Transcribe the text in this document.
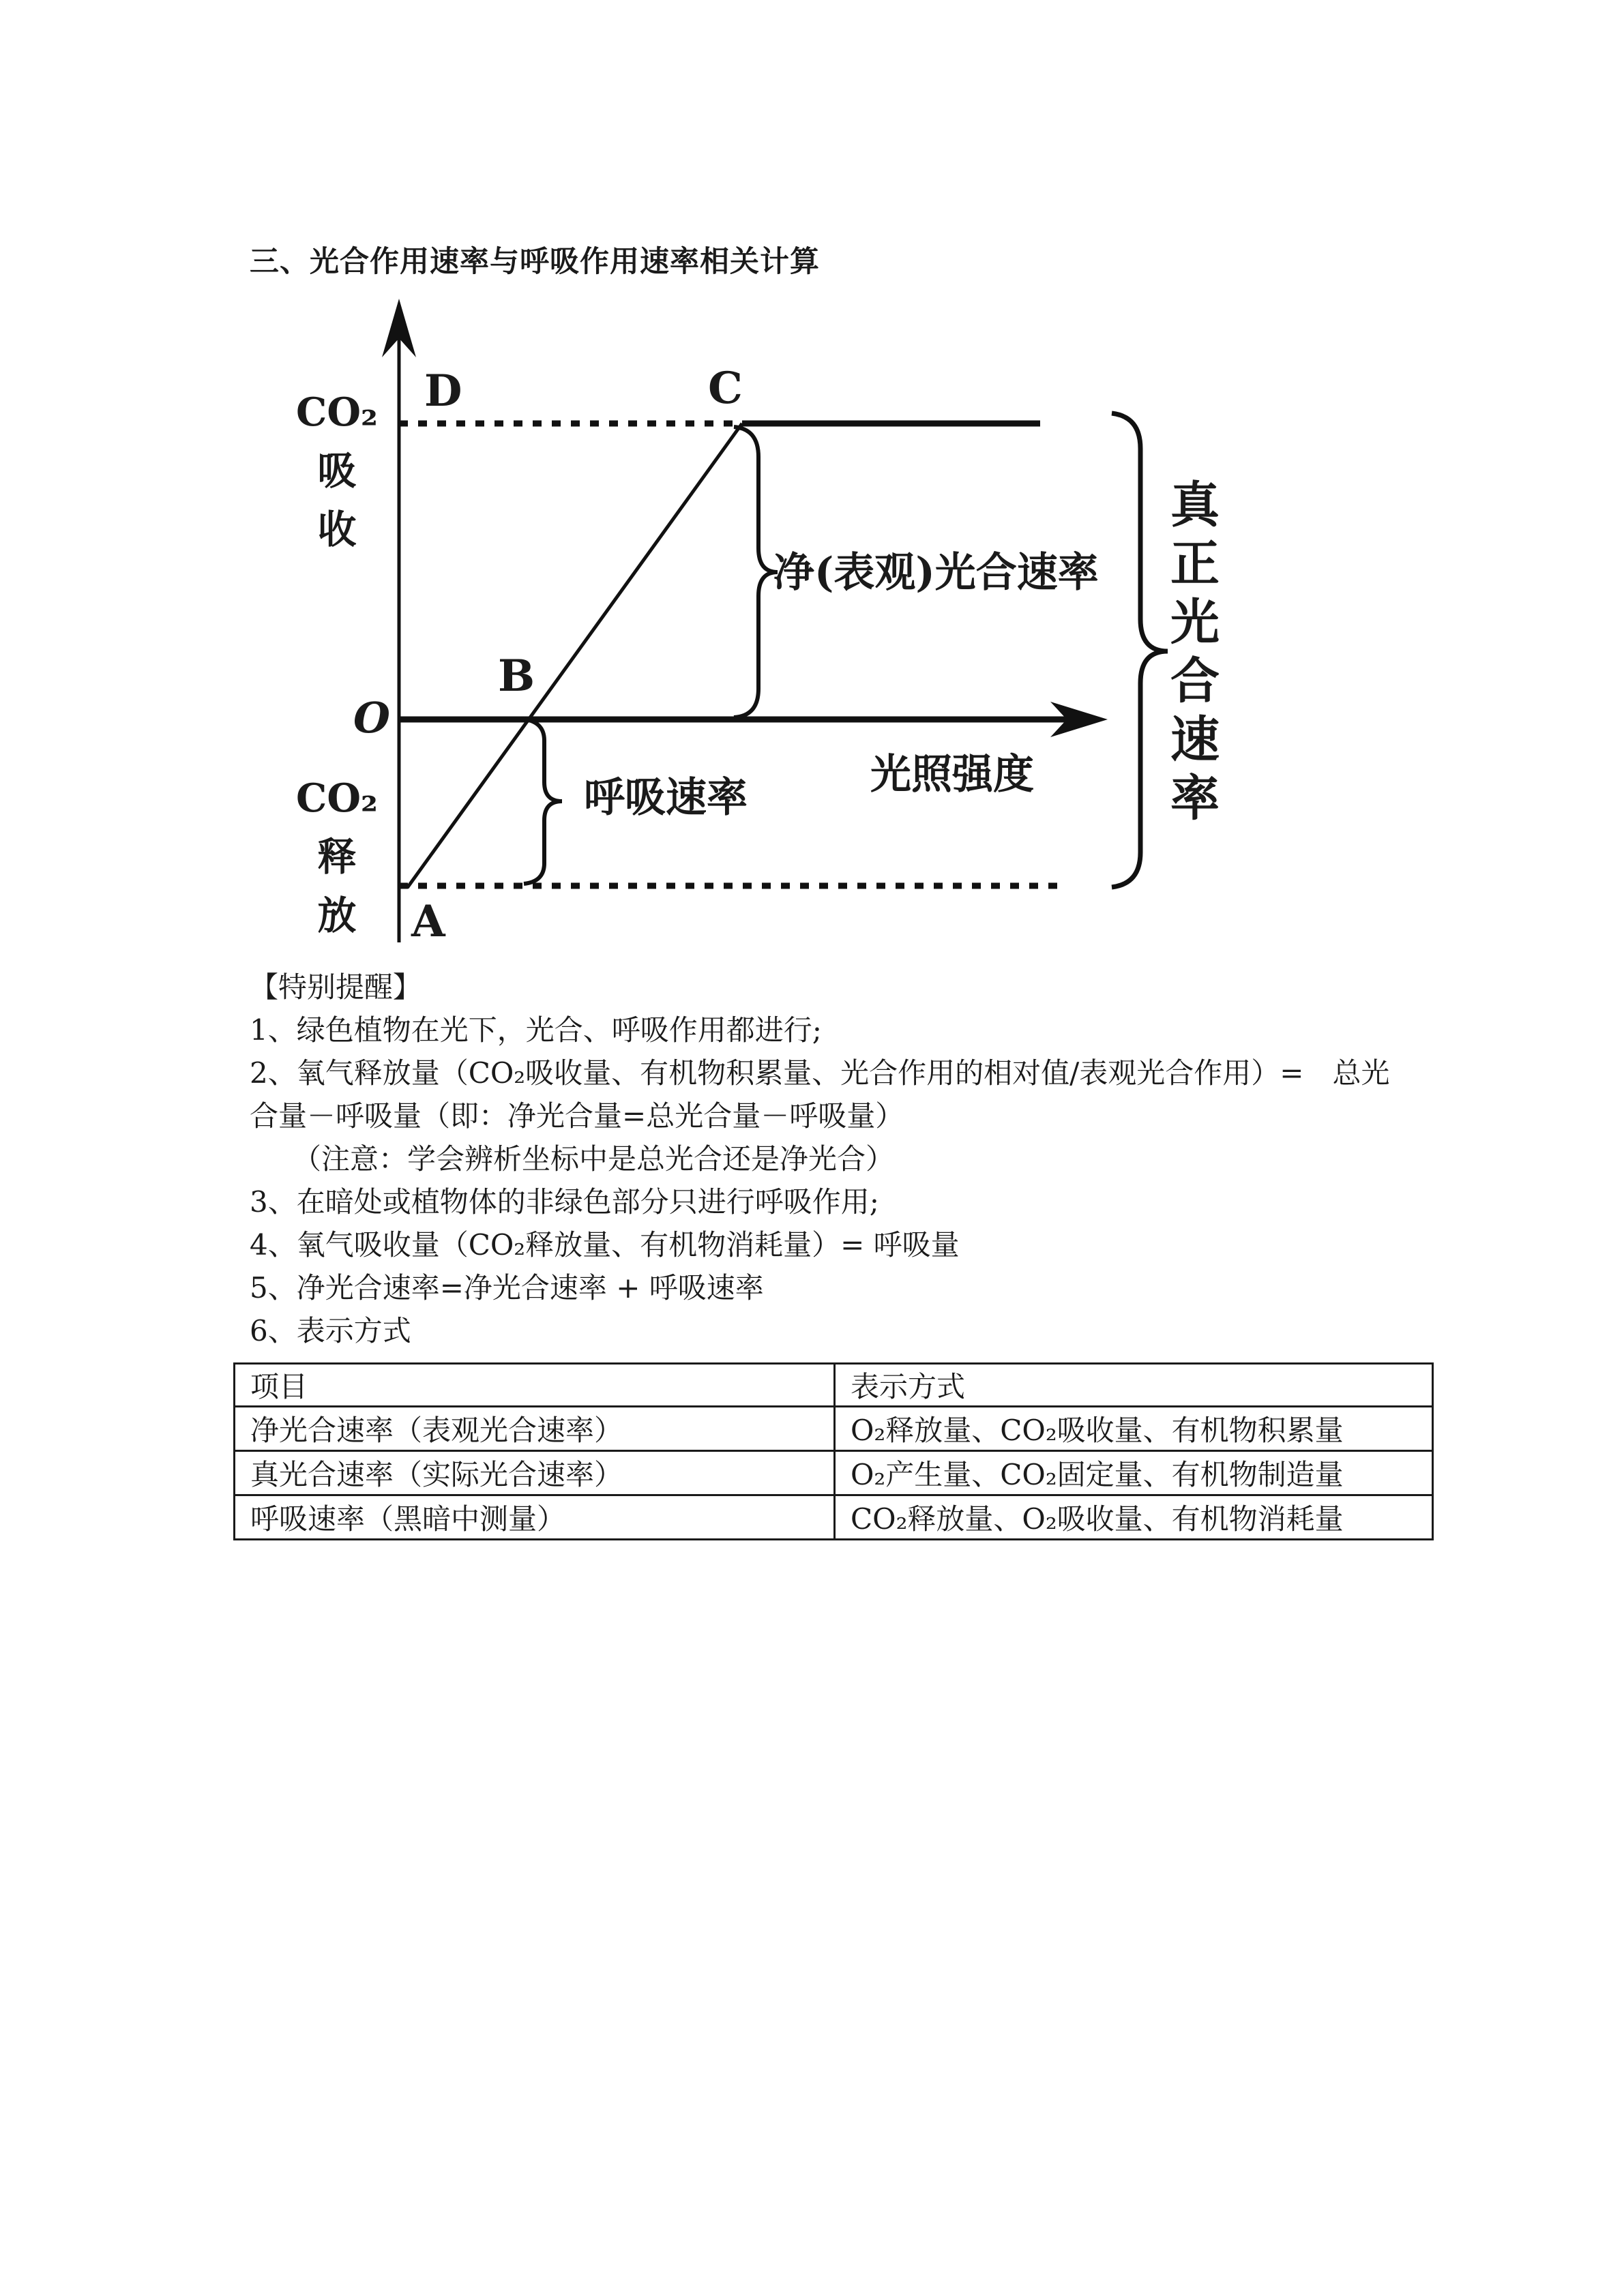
三、光合作用速率与呼吸作用速率相关计算
CO₂
吸
收
O
CO₂
释
放
D	C
B
A
净(表观)光合速率
呼吸速率	光照强度	真正光合速率
【特别提醒】
1、绿色植物在光下，光合、呼吸作用都进行;
2、氧气释放量（CO₂吸收量、有机物积累量、光合作用的相对值/表观光合作用）=　总光
合量－呼吸量（即：净光合量=总光合量－呼吸量）
　　（注意：学会辨析坐标中是总光合还是净光合）
3、在暗处或植物体的非绿色部分只进行呼吸作用;
4、氧气吸收量（CO₂释放量、有机物消耗量）= 呼吸量
5、净光合速率=净光合速率 + 呼吸速率
6、表示方式
项目	表示方式
净光合速率（表观光合速率）	O₂释放量、CO₂吸收量、有机物积累量
真光合速率（实际光合速率）	O₂产生量、CO₂固定量、有机物制造量
呼吸速率（黑暗中测量）	CO₂释放量、O₂吸收量、有机物消耗量
